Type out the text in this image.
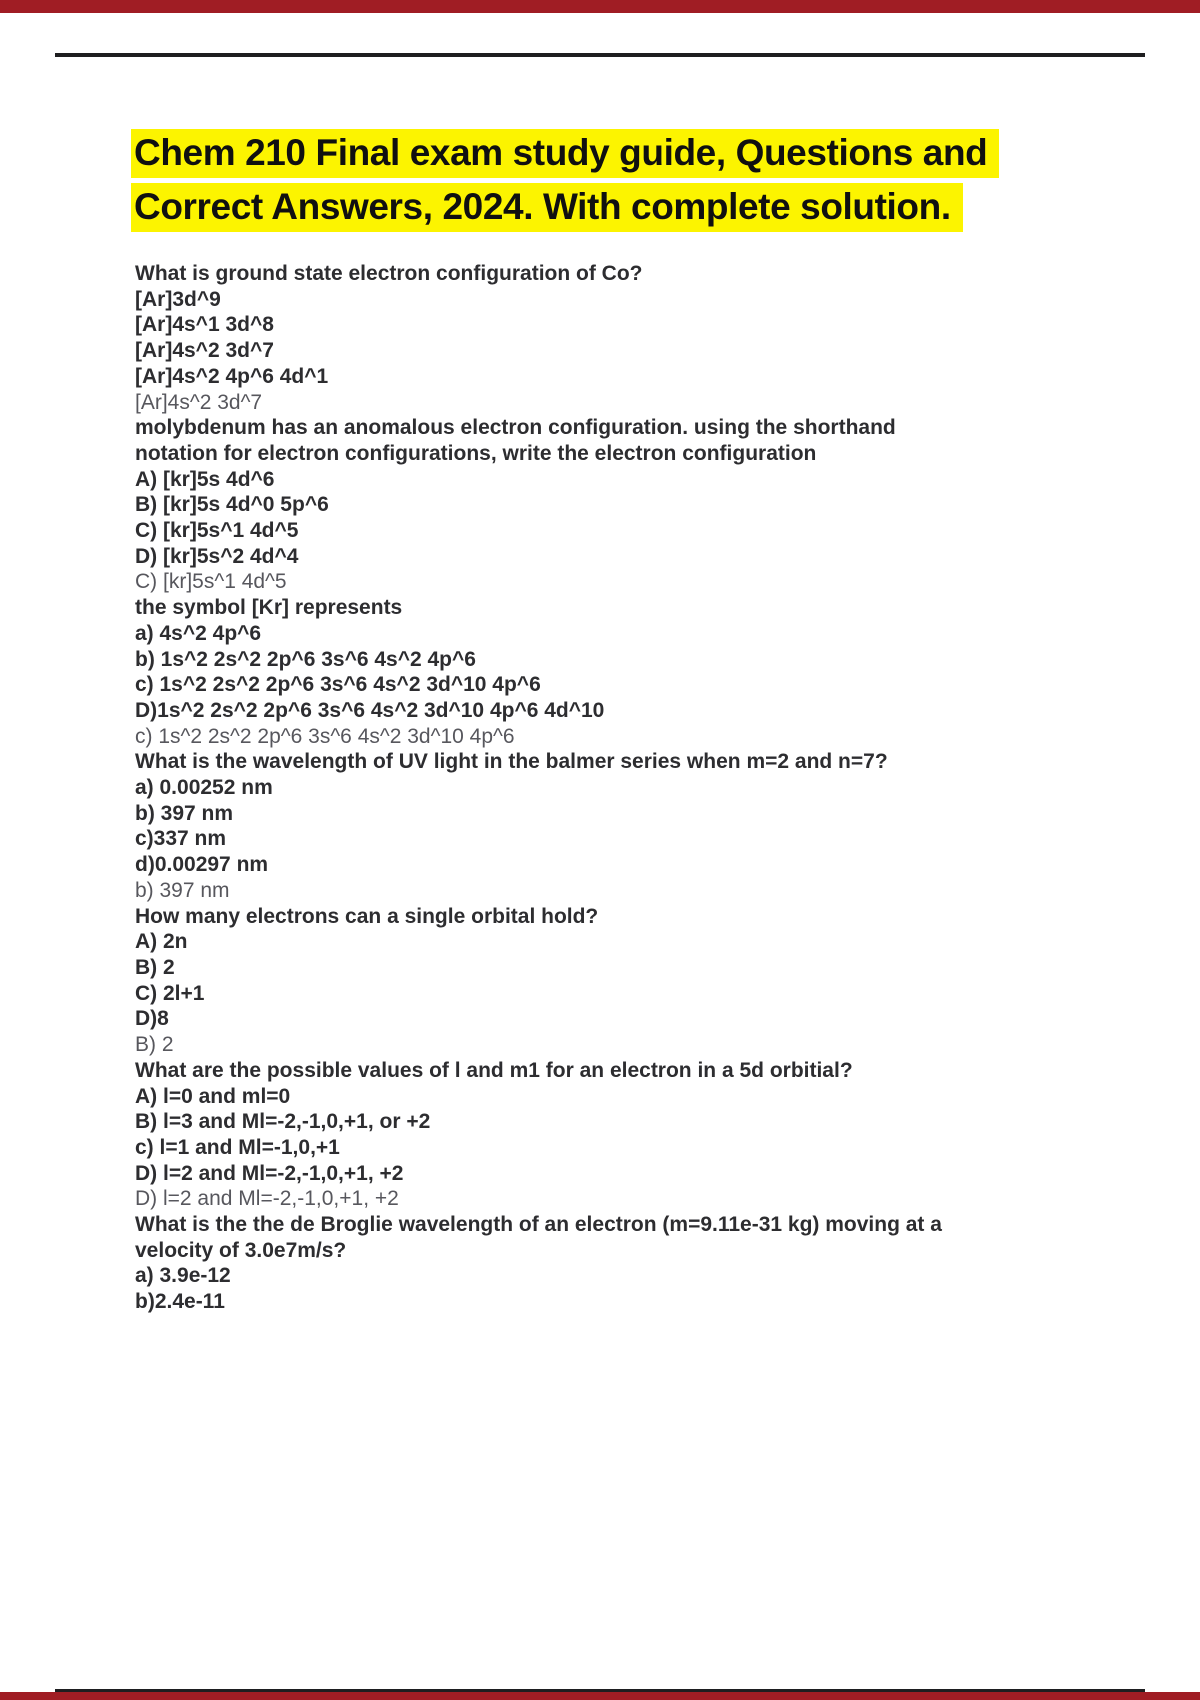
Chem 210 Final exam study guide, Questions and
Correct Answers, 2024. With complete solution.
What is ground state electron configuration of Co?
[Ar]3d^9
[Ar]4s^1 3d^8
[Ar]4s^2 3d^7
[Ar]4s^2 4p^6 4d^1
[Ar]4s^2 3d^7
molybdenum has an anomalous electron configuration. using the shorthand
notation for electron configurations, write the electron configuration
A) [kr]5s 4d^6
B) [kr]5s 4d^0 5p^6
C) [kr]5s^1 4d^5
D) [kr]5s^2 4d^4
C) [kr]5s^1 4d^5
the symbol [Kr] represents
a) 4s^2 4p^6
b) 1s^2 2s^2 2p^6 3s^6 4s^2 4p^6
c) 1s^2 2s^2 2p^6 3s^6 4s^2 3d^10 4p^6
D)1s^2 2s^2 2p^6 3s^6 4s^2 3d^10 4p^6 4d^10
c) 1s^2 2s^2 2p^6 3s^6 4s^2 3d^10 4p^6
What is the wavelength of UV light in the balmer series when m=2 and n=7?
a) 0.00252 nm
b) 397 nm
c)337 nm
d)0.00297 nm
b) 397 nm
How many electrons can a single orbital hold?
A) 2n
B) 2
C) 2l+1
D)8
B) 2
What are the possible values of l and m1 for an electron in a 5d orbitial?
A) l=0 and ml=0
B) l=3 and Ml=-2,-1,0,+1, or +2
c) l=1 and Ml=-1,0,+1
D) l=2 and Ml=-2,-1,0,+1, +2
D) l=2 and Ml=-2,-1,0,+1, +2
What is the the de Broglie wavelength of an electron (m=9.11e-31 kg) moving at a
velocity of 3.0e7m/s?
a) 3.9e-12
b)2.4e-11
